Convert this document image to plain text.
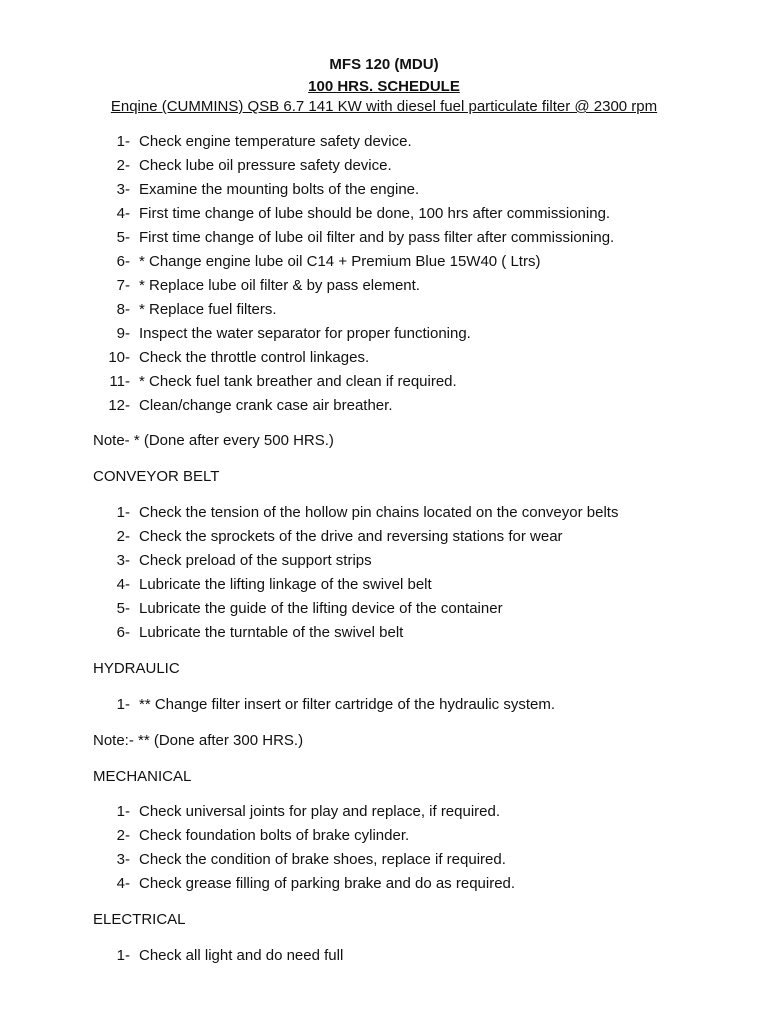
MFS 120 (MDU)
100 HRS. SCHEDULE
Enqine (CUMMINS) QSB 6.7 141 KW with diesel fuel particulate filter @ 2300 rpm
1- Check engine temperature safety device.
2- Check lube oil pressure safety device.
3- Examine the mounting bolts of the engine.
4- First time change of lube should be done, 100 hrs after commissioning.
5- First time change of lube oil filter and by pass filter after commissioning.
6- * Change engine lube oil C14 + Premium Blue 15W40 ( Ltrs)
7- * Replace lube oil filter & by pass element.
8- * Replace fuel filters.
9- Inspect the water separator for proper functioning.
10- Check the throttle control linkages.
11- * Check fuel tank breather and clean if required.
12- Clean/change crank case air breather.
Note- * (Done after every 500 HRS.)
CONVEYOR BELT
1- Check the tension of the hollow pin chains located on the conveyor belts
2- Check the sprockets of the drive and reversing stations for wear
3- Check preload of the support strips
4- Lubricate the lifting linkage of the swivel belt
5- Lubricate the guide of the lifting device of the container
6- Lubricate the turntable of the swivel belt
HYDRAULIC
1- ** Change filter insert or filter cartridge of the hydraulic system.
Note:- ** (Done after 300 HRS.)
MECHANICAL
1- Check universal joints for play and replace, if required.
2- Check foundation bolts of brake cylinder.
3- Check the condition of brake shoes, replace if required.
4- Check grease filling of parking brake and do as required.
ELECTRICAL
1- Check all light and do need full
